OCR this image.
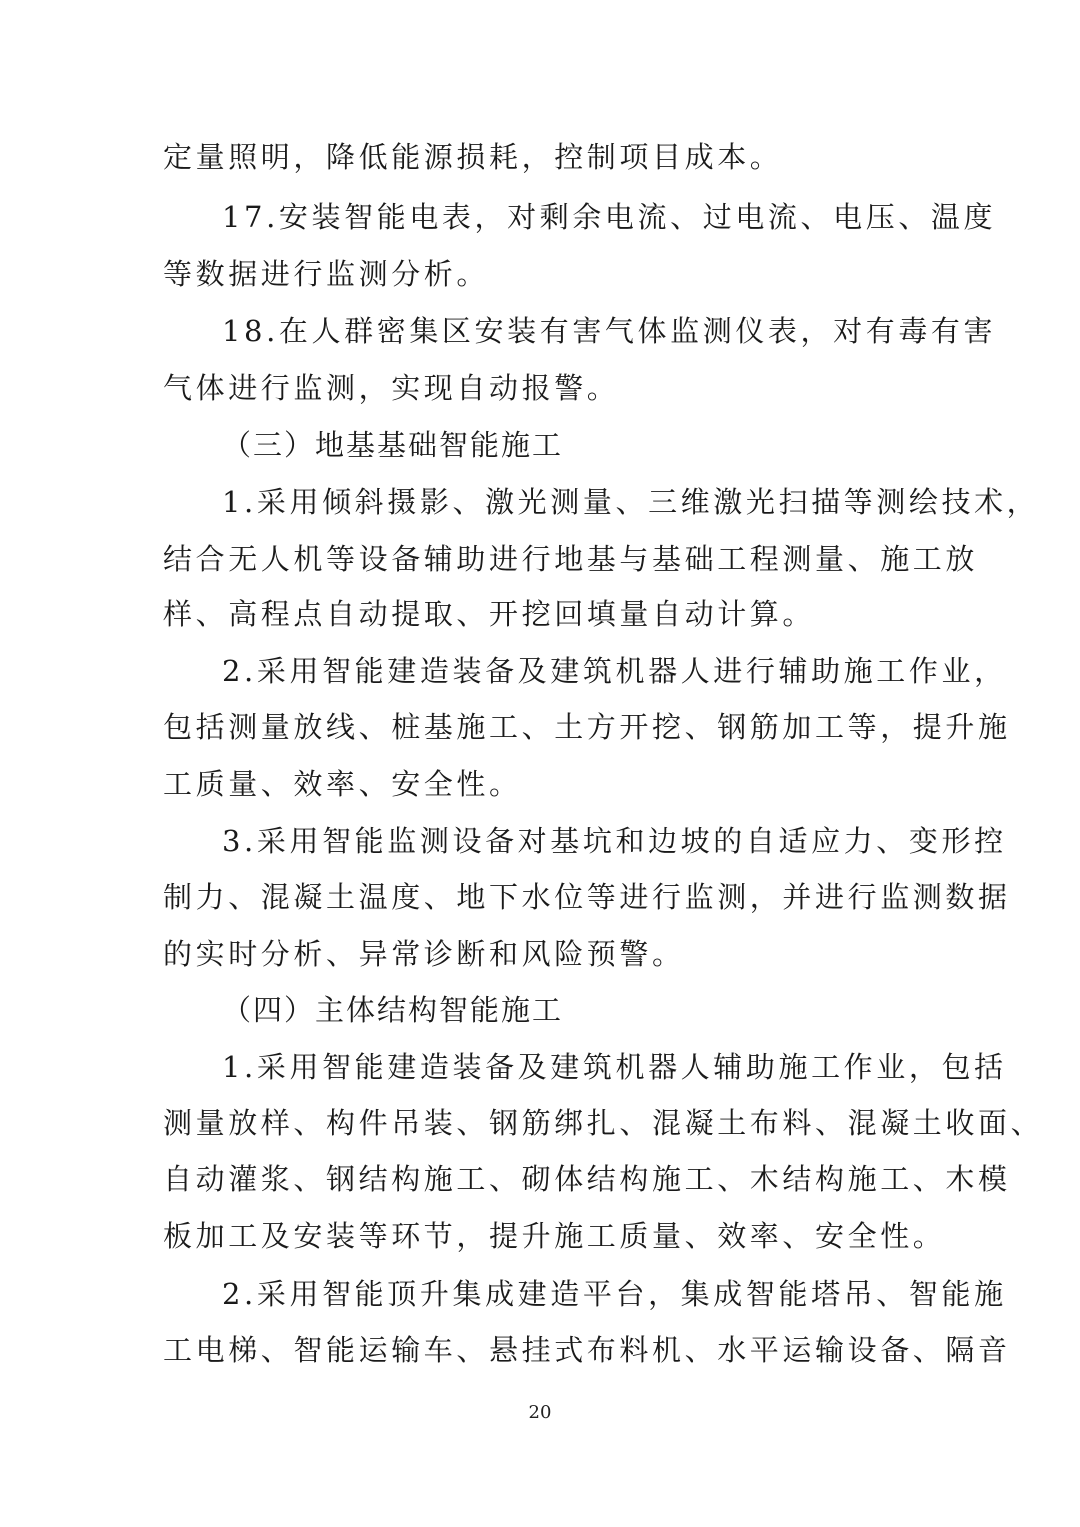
定量照明，降低能源损耗，控制项目成本。
17.安装智能电表，对剩余电流、过电流、电压、温度
等数据进行监测分析。
18.在人群密集区安装有害气体监测仪表，对有毒有害
气体进行监测，实现自动报警。
（三）地基基础智能施工
1.采用倾斜摄影、激光测量、三维激光扫描等测绘技术，
结合无人机等设备辅助进行地基与基础工程测量、施工放
样、高程点自动提取、开挖回填量自动计算。
2.采用智能建造装备及建筑机器人进行辅助施工作业，
包括测量放线、桩基施工、土方开挖、钢筋加工等，提升施
工质量、效率、安全性。
3.采用智能监测设备对基坑和边坡的自适应力、变形控
制力、混凝土温度、地下水位等进行监测，并进行监测数据
的实时分析、异常诊断和风险预警。
（四）主体结构智能施工
1.采用智能建造装备及建筑机器人辅助施工作业，包括
测量放样、构件吊装、钢筋绑扎、混凝土布料、混凝土收面、
自动灌浆、钢结构施工、砌体结构施工、木结构施工、木模
板加工及安装等环节，提升施工质量、效率、安全性。
2.采用智能顶升集成建造平台，集成智能塔吊、智能施
工电梯、智能运输车、悬挂式布料机、水平运输设备、隔音
20
